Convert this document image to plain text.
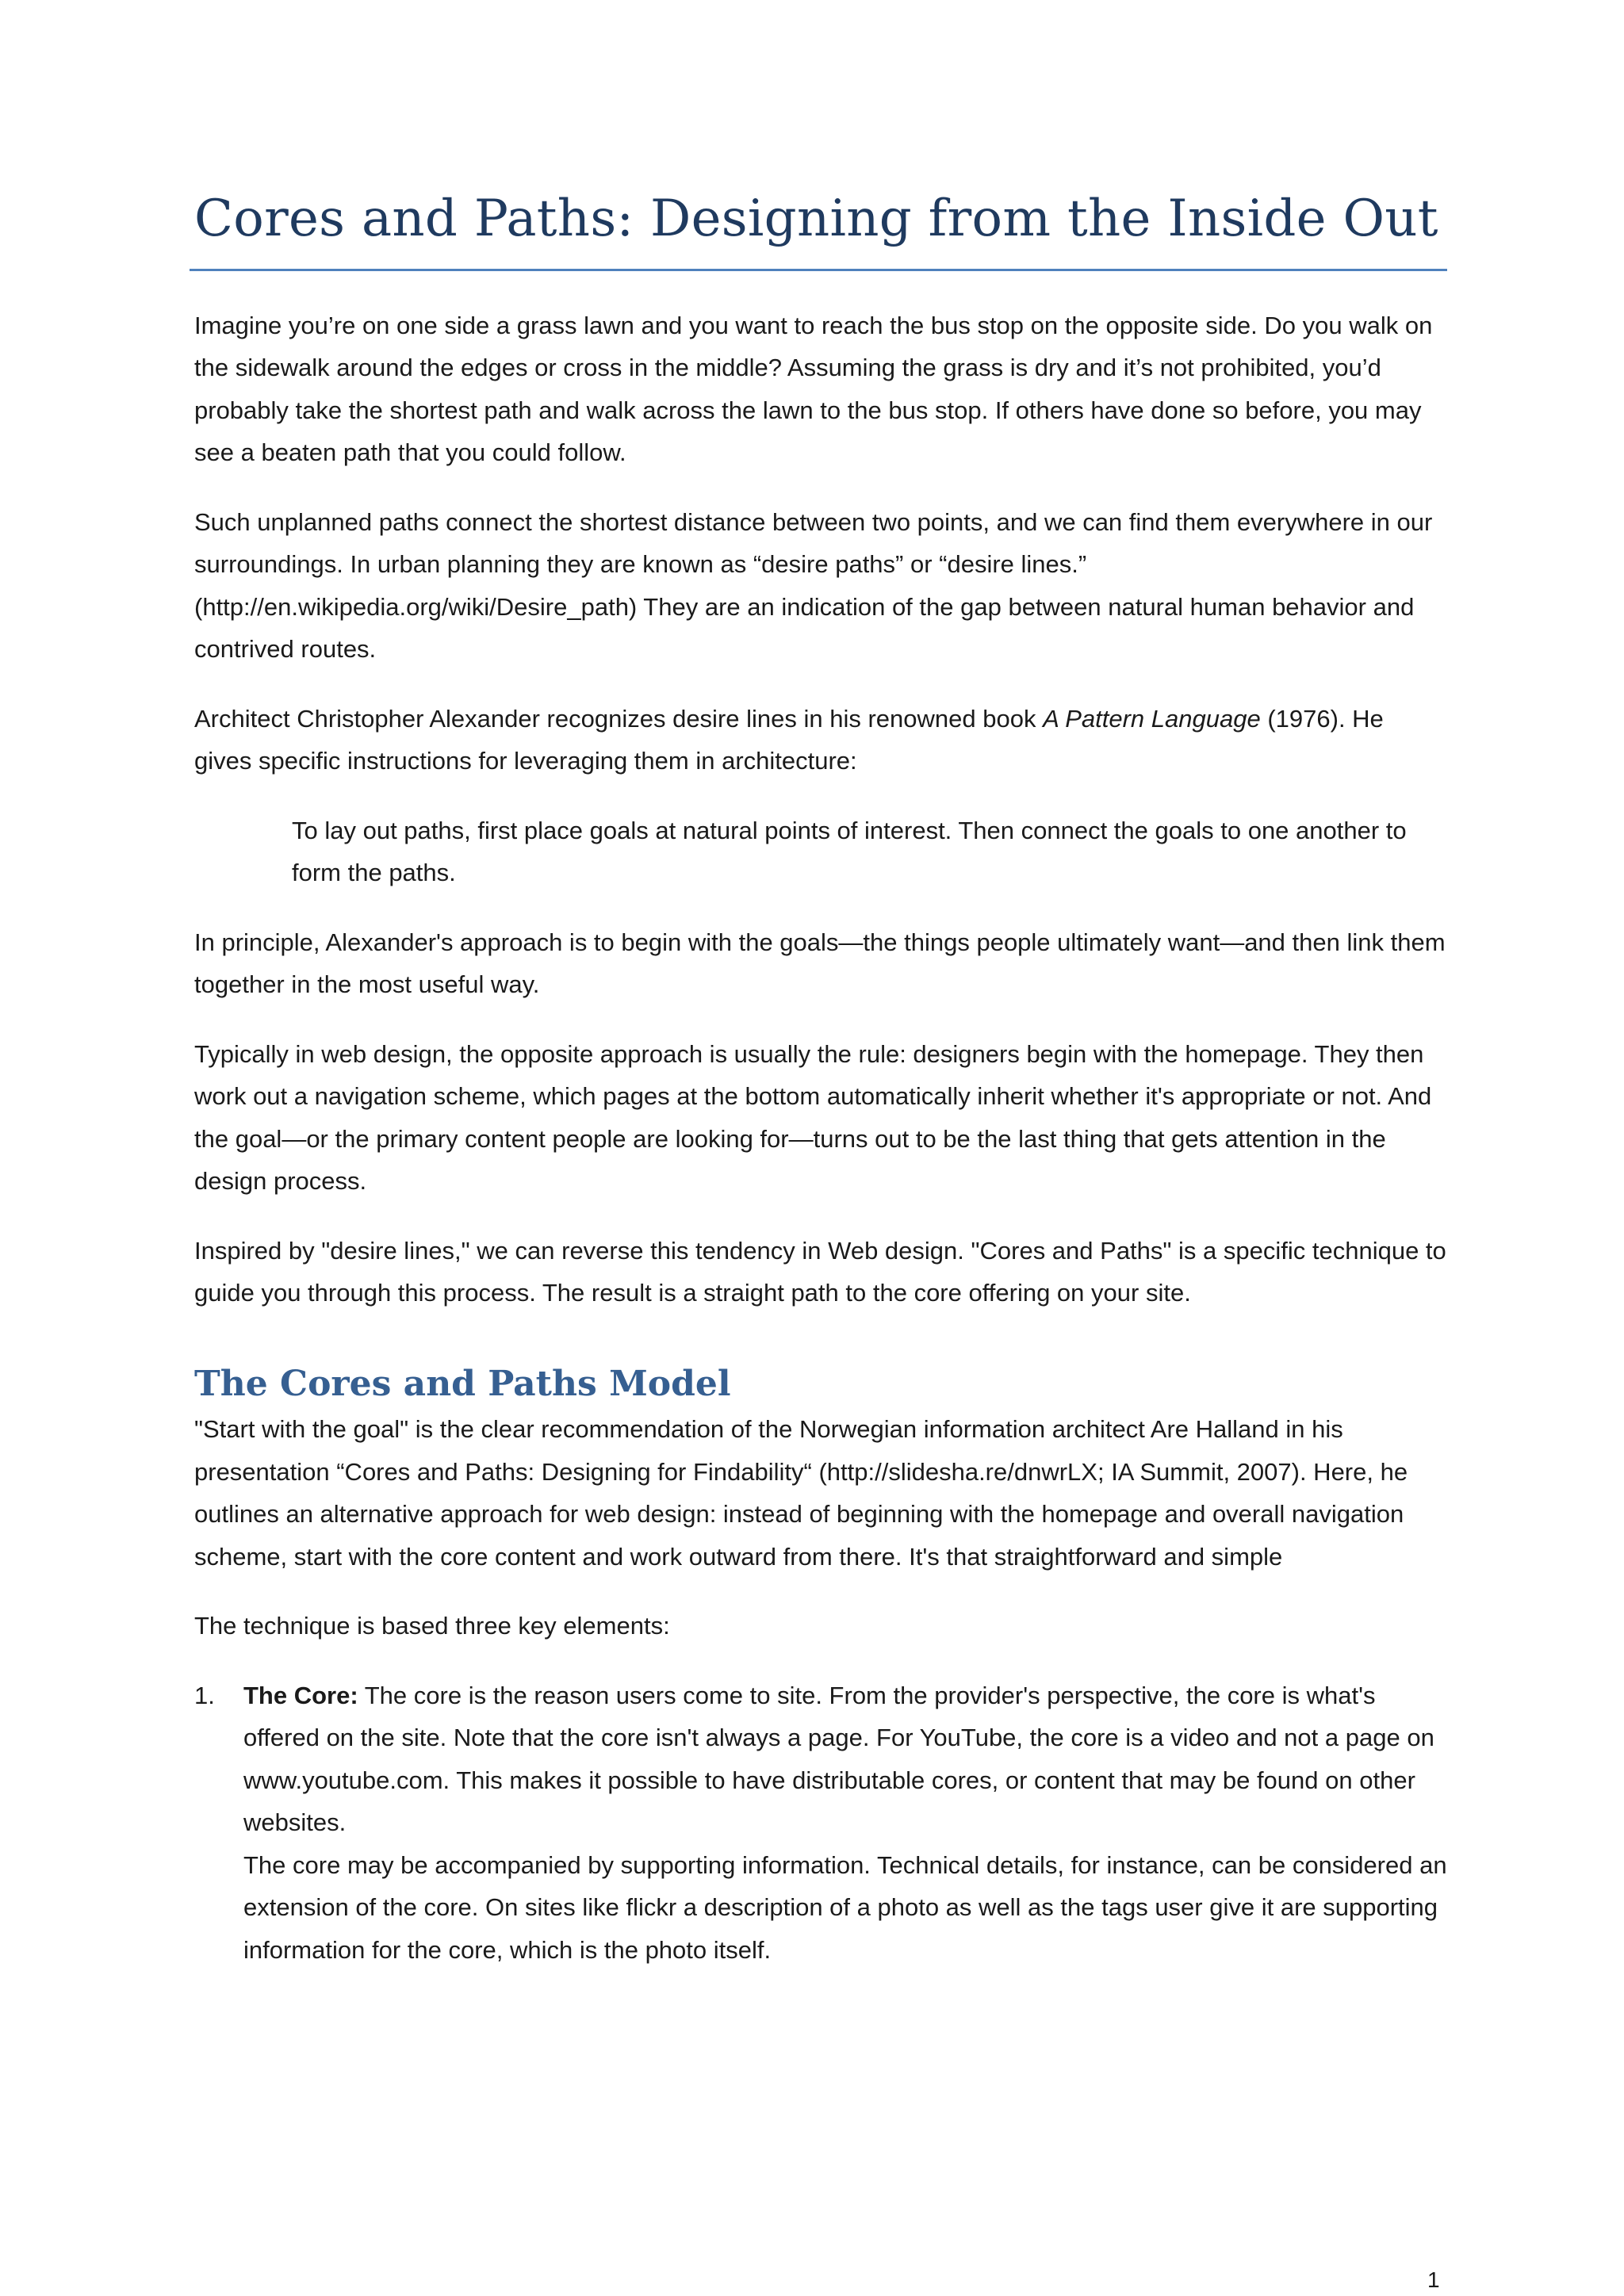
Cores and Paths: Designing from the Inside Out

Imagine you’re on one side a grass lawn and you want to reach the bus stop on the opposite side. Do you walk on the sidewalk around the edges or cross in the middle? Assuming the grass is dry and it’s not prohibited, you’d probably take the shortest path and walk across the lawn to the bus stop. If others have done so before, you may see a beaten path that you could follow.

Such unplanned paths connect the shortest distance between two points, and we can find them everywhere in our surroundings. In urban planning they are known as “desire paths” or “desire lines.” (http://en.wikipedia.org/wiki/Desire_path) They are an indication of the gap between natural human behavior and contrived routes.

Architect Christopher Alexander recognizes desire lines in his renowned book A Pattern Language (1976). He gives specific instructions for leveraging them in architecture:

To lay out paths, first place goals at natural points of interest. Then connect the goals to one another to form the paths.

In principle, Alexander's approach is to begin with the goals—the things people ultimately want—and then link them together in the most useful way.

Typically in web design, the opposite approach is usually the rule: designers begin with the homepage. They then work out a navigation scheme, which pages at the bottom automatically inherit whether it's appropriate or not. And the goal—or the primary content people are looking for—turns out to be the last thing that gets attention in the design process.

Inspired by "desire lines," we can reverse this tendency in Web design. "Cores and Paths" is a specific technique to guide you through this process. The result is a straight path to the core offering on your site.

The Cores and Paths Model

"Start with the goal" is the clear recommendation of the Norwegian information architect Are Halland in his presentation “Cores and Paths: Designing for Findability“ (http://slidesha.re/dnwrLX; IA Summit, 2007). Here, he outlines an alternative approach for web design: instead of beginning with the homepage and overall navigation scheme, start with the core content and work outward from there. It's that straightforward and simple

The technique is based three key elements:

1. The Core: The core is the reason users come to site. From the provider's perspective, the core is what's offered on the site. Note that the core isn't always a page. For YouTube, the core is a video and not a page on www.youtube.com. This makes it possible to have distributable cores, or content that may be found on other websites.
The core may be accompanied by supporting information. Technical details, for instance, can be considered an extension of the core. On sites like flickr a description of a photo as well as the tags user give it are supporting information for the core, which is the photo itself.
1
